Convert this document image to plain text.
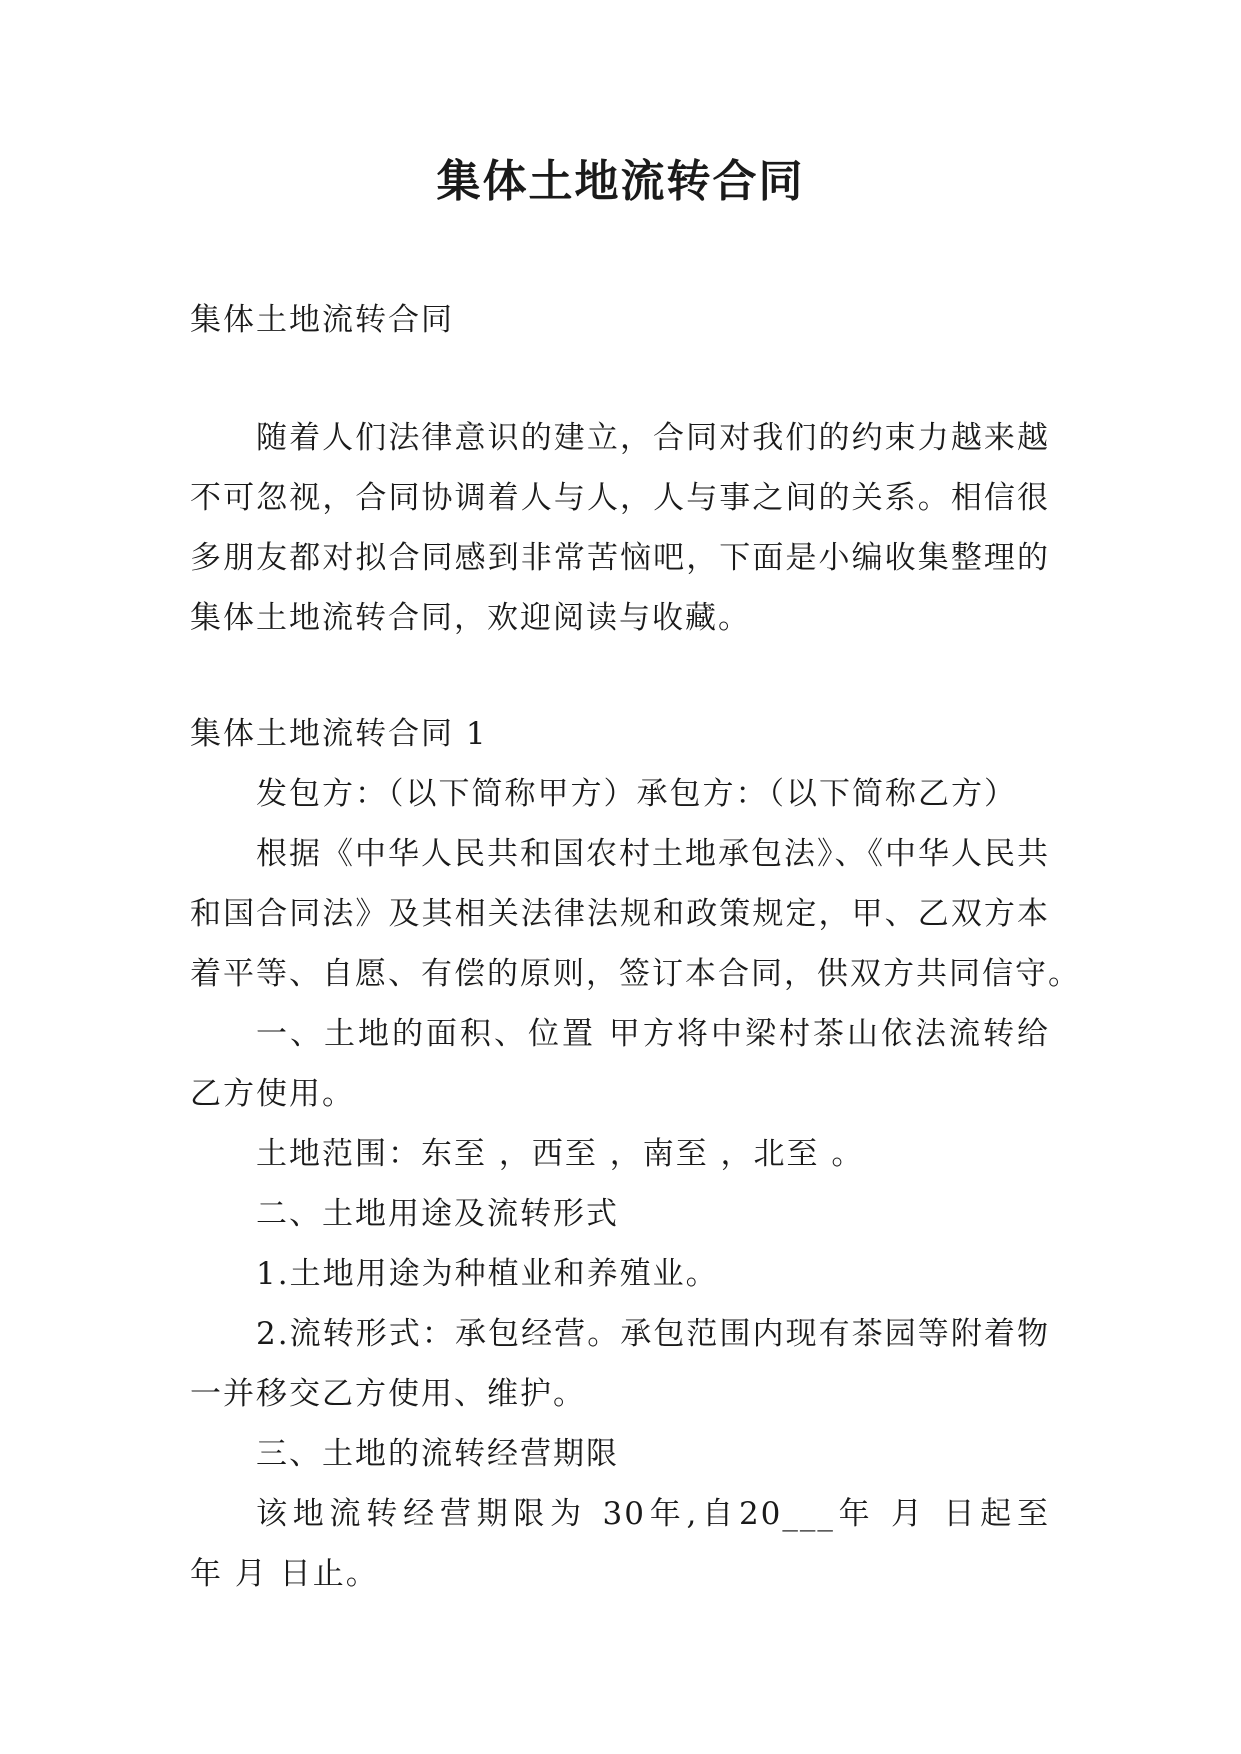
集体土地流转合同

集体土地流转合同

随着人们法律意识的建立，合同对我们的约束力越来越

不可忽视，合同协调着人与人，人与事之间的关系。相信很

多朋友都对拟合同感到非常苦恼吧，下面是小编收集整理的

集体土地流转合同，欢迎阅读与收藏。

集体土地流转合同 1

发包方：（以下简称甲方）承包方：（以下简称乙方）

根据《中华人民共和国农村土地承包法》、《中华人民共

和国合同法》及其相关法律法规和政策规定，甲、乙双方本

着平等、自愿、有偿的原则，签订本合同，供双方共同信守。

一、土地的面积、位置 甲方将中梁村茶山依法流转给

乙方使用。

土地范围：东至 ，西至 ，南至 ，北至 。

二、土地用途及流转形式

1.土地用途为种植业和养殖业。

2.流转形式：承包经营。承包范围内现有茶园等附着物

一并移交乙方使用、维护。

三、土地的流转经营期限

该地流转经营期限为 30年,自20___年 月 日起至

年 月 日止。
